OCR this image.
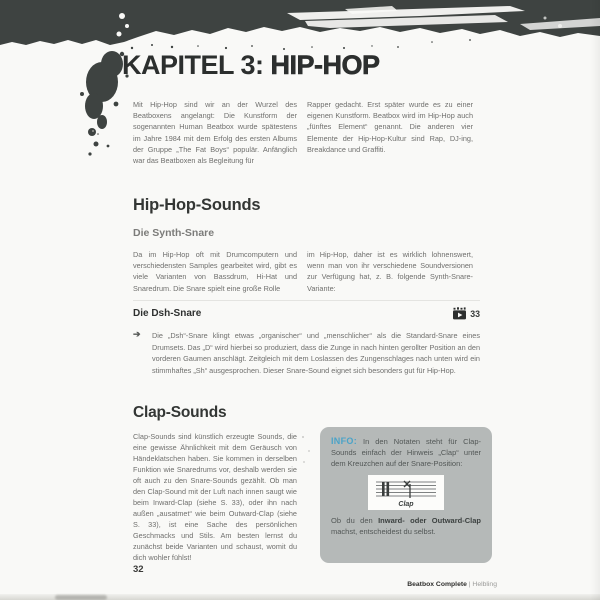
KAPITEL 3: HIP-HOP

Mit Hip-Hop sind wir an der Wurzel des Beatboxens angelangt: Die Kunstform der sogenannten Human Beatbox wurde spätestens im Jahre 1984 mit dem Erfolg des ersten Albums der Gruppe „The Fat Boys“ populär. Anfänglich war das Beatboxen als Begleitung für

Rapper gedacht. Erst später wurde es zu einer eigenen Kunstform. Beatbox wird im Hip-Hop auch „fünftes Element“ genannt. Die anderen vier Elemente der Hip-Hop-Kultur sind Rap, DJ-ing, Breakdance und Graffiti.

Hip-Hop-Sounds
Die Synth-Snare

Da im Hip-Hop oft mit Drumcomputern und verschiedensten Samples gearbeitet wird, gibt es viele Varianten von Bassdrum, Hi-Hat und Snaredrum. Die Snare spielt eine große Rolle

im Hip-Hop, daher ist es wirklich lohnenswert, wenn man von ihr verschiedene Soundversionen zur Verfügung hat, z. B. folgende Synth-Snare-Variante:

Die Dsh-Snare	33
➔ Die „Dsh“-Snare klingt etwas „organischer“ und „menschlicher“ als die Standard-Snare eines Drumsets. Das „D“ wird hierbei so produziert, dass die Zunge in nach hinten gerollter Position an den vorderen Gaumen anschlägt. Zeitgleich mit dem Loslassen des Zungenschlages nach unten wird ein stimmhaftes „Sh“ ausgesprochen. Dieser Snare-Sound eignet sich besonders gut für Hip-Hop.

Clap-Sounds

Clap-Sounds sind künstlich erzeugte Sounds, die eine gewisse Ähnlichkeit mit dem Geräusch von Händeklatschen haben. Sie kommen in derselben Funktion wie Snaredrums vor, deshalb werden sie oft auch zu den Snare-Sounds gezählt. Ob man den Clap-Sound mit der Luft nach innen saugt wie beim Inward-Clap (siehe S. 33), oder ihn nach außen „ausatmet“ wie beim Outward-Clap (siehe S. 33), ist eine Sache des persönlichen Geschmacks und Stils. Am besten lernst du zunächst beide Varianten und schaust, womit du dich wohler fühlst!

INFO: In den Notaten steht für Clap-Sounds einfach der Hinweis „Clap“ unter dem Kreuzchen auf der Snare-Position:

Clap

Ob du den Inward- oder Outward-Clap machst, entscheidest du selbst.

32
Beatbox Complete | Helbling
